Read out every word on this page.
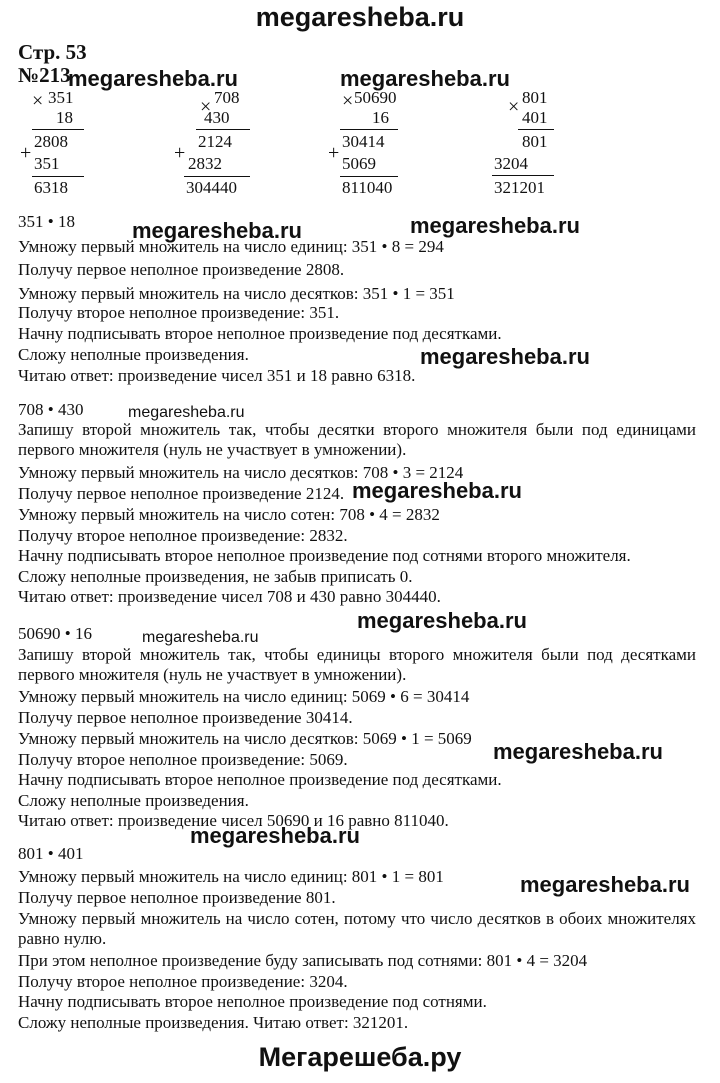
megaresheba.ru
Стр. 53
№213
megaresheba.ru	megaresheba.ru
megaresheba.ru	megaresheba.ru
megaresheba.ru
megaresheba.ru
megaresheba.ru
megaresheba.ru
megaresheba.ru
megaresheba.ru
megaresheba.ru
megaresheba.ru
× 351
18
2808
+ 351
6318
× 708
430
2124
+ 2832
304440
× 50690
16
30414
+ 5069
811040
× 801
401
801
3204
321201
351 • 18
Умножу первый множитель на число единиц: 351 • 8 = 294
Получу первое неполное произведение 2808.
Умножу первый множитель на число десятков: 351 • 1 = 351
Получу второе неполное произведение: 351.
Начну подписывать второе неполное произведение под десятками.
Сложу неполные произведения.
Читаю ответ: произведение чисел 351 и 18 равно 6318.
708 • 430
Запишу второй множитель так, чтобы десятки второго множителя были под единицами первого множителя (нуль не участвует в умножении).
Умножу первый множитель на число десятков: 708 • 3 = 2124
Получу первое неполное произведение 2124.
Умножу первый множитель на число сотен: 708 • 4 = 2832
Получу второе неполное произведение: 2832.
Начну подписывать второе неполное произведение под сотнями второго множителя.
Сложу неполные произведения, не забыв приписать 0.
Читаю ответ: произведение чисел 708 и 430 равно 304440.
50690 • 16
Запишу второй множитель так, чтобы единицы второго множителя были под десятками первого множителя (нуль не участвует в умножении).
Умножу первый множитель на число единиц: 5069 • 6 = 30414
Получу первое неполное произведение 30414.
Умножу первый множитель на число десятков: 5069 • 1 = 5069
Получу второе неполное произведение: 5069.
Начну подписывать второе неполное произведение под десятками.
Сложу неполные произведения.
Читаю ответ: произведение чисел 50690 и 16 равно 811040.
801 • 401
Умножу первый множитель на число единиц: 801 • 1 = 801
Получу первое неполное произведение 801.
Умножу первый множитель на число сотен, потому что число десятков в обоих множителях равно нулю.
При этом неполное произведение буду записывать под сотнями: 801 • 4 = 3204
Получу второе неполное произведение: 3204.
Начну подписывать второе неполное произведение под сотнями.
Сложу неполные произведения. Читаю ответ: 321201.
Мегарешеба.ру
